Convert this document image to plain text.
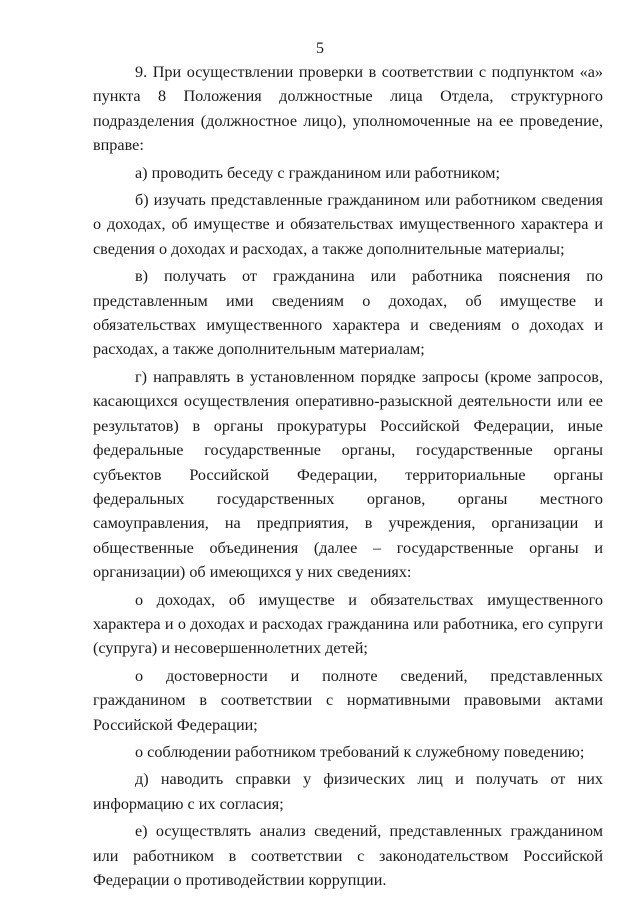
5

9. При осуществлении проверки в соответствии с подпунктом «а» пункта 8 Положения должностные лица Отдела, структурного подразделения (должностное лицо), уполномоченные на ее проведение, вправе:

а) проводить беседу с гражданином или работником;

б) изучать представленные гражданином или работником сведения о доходах, об имуществе и обязательствах имущественного характера и сведения о доходах и расходах, а также дополнительные материалы;

в) получать от гражданина или работника пояснения по представленным ими сведениям о доходах, об имуществе и обязательствах имущественного характера и сведениям о доходах и расходах, а также дополнительным материалам;

г) направлять в установленном порядке запросы (кроме запросов, касающихся осуществления оперативно-разыскной деятельности или ее результатов) в органы прокуратуры Российской Федерации, иные федеральные государственные органы, государственные органы субъектов Российской Федерации, территориальные органы федеральных государственных органов, органы местного самоуправления, на предприятия, в учреждения, организации и общественные объединения (далее – государственные органы и организации) об имеющихся у них сведениях:

о доходах, об имуществе и обязательствах имущественного характера и о доходах и расходах гражданина или работника, его супруги (супруга) и несовершеннолетних детей;

о достоверности и полноте сведений, представленных гражданином в соответствии с нормативными правовыми актами Российской Федерации;

о соблюдении работником требований к служебному поведению;

д) наводить справки у физических лиц и получать от них информацию с их согласия;

е) осуществлять анализ сведений, представленных гражданином или работником в соответствии с законодательством Российской Федерации о противодействии коррупции.
